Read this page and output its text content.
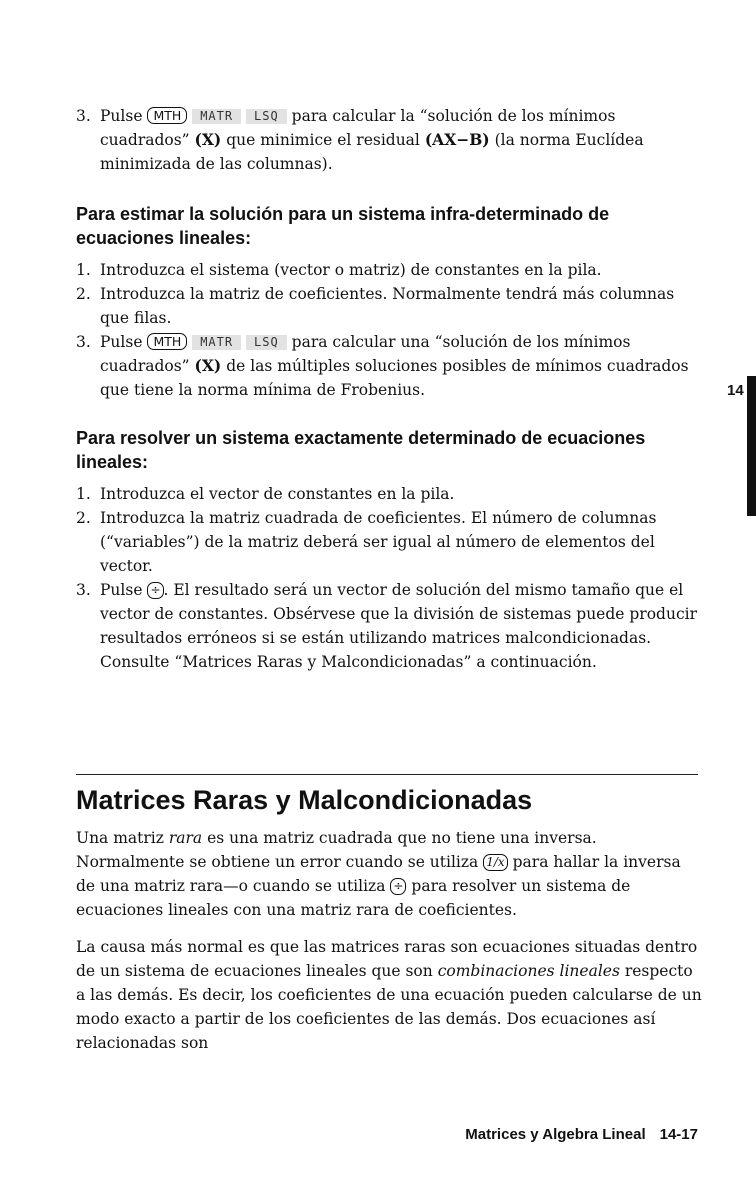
3. Pulse MTH MATR LSQ para calcular la “solución de los mínimos cuadrados” (X) que minimice el residual (AX−B) (la norma Euclídea minimizada de las columnas).
Para estimar la solución para un sistema infra-determinado de ecuaciones lineales:
1. Introduzca el sistema (vector o matriz) de constantes en la pila.
2. Introduzca la matriz de coeficientes. Normalmente tendrá más columnas que filas.
3. Pulse MTH MATR LSQ para calcular una “solución de los mínimos cuadrados” (X) de las múltiples soluciones posibles de mínimos cuadrados que tiene la norma mínima de Frobenius.
Para resolver un sistema exactamente determinado de ecuaciones lineales:
1. Introduzca el vector de constantes en la pila.
2. Introduzca la matriz cuadrada de coeficientes. El número de columnas (“variables”) de la matriz deberá ser igual al número de elementos del vector.
3. Pulse ÷ . El resultado será un vector de solución del mismo tamaño que el vector de constantes. Obsérvese que la división de sistemas puede producir resultados erróneos si se están utilizando matrices malcondicionadas. Consulte “Matrices Raras y Malcondicionadas” a continuación.
Matrices Raras y Malcondicionadas

Una matriz rara es una matriz cuadrada que no tiene una inversa. Normalmente se obtiene un error cuando se utiliza 1/x para hallar la inversa de una matriz rara—o cuando se utiliza ÷ para resolver un sistema de ecuaciones lineales con una matriz rara de coeficientes.

La causa más normal es que las matrices raras son ecuaciones situadas dentro de un sistema de ecuaciones lineales que son combinaciones lineales respecto a las demás. Es decir, los coeficientes de una ecuación pueden calcularse de un modo exacto a partir de los coeficientes de las demás. Dos ecuaciones así relacionadas son

14
Matrices y Algebra Lineal 14-17
